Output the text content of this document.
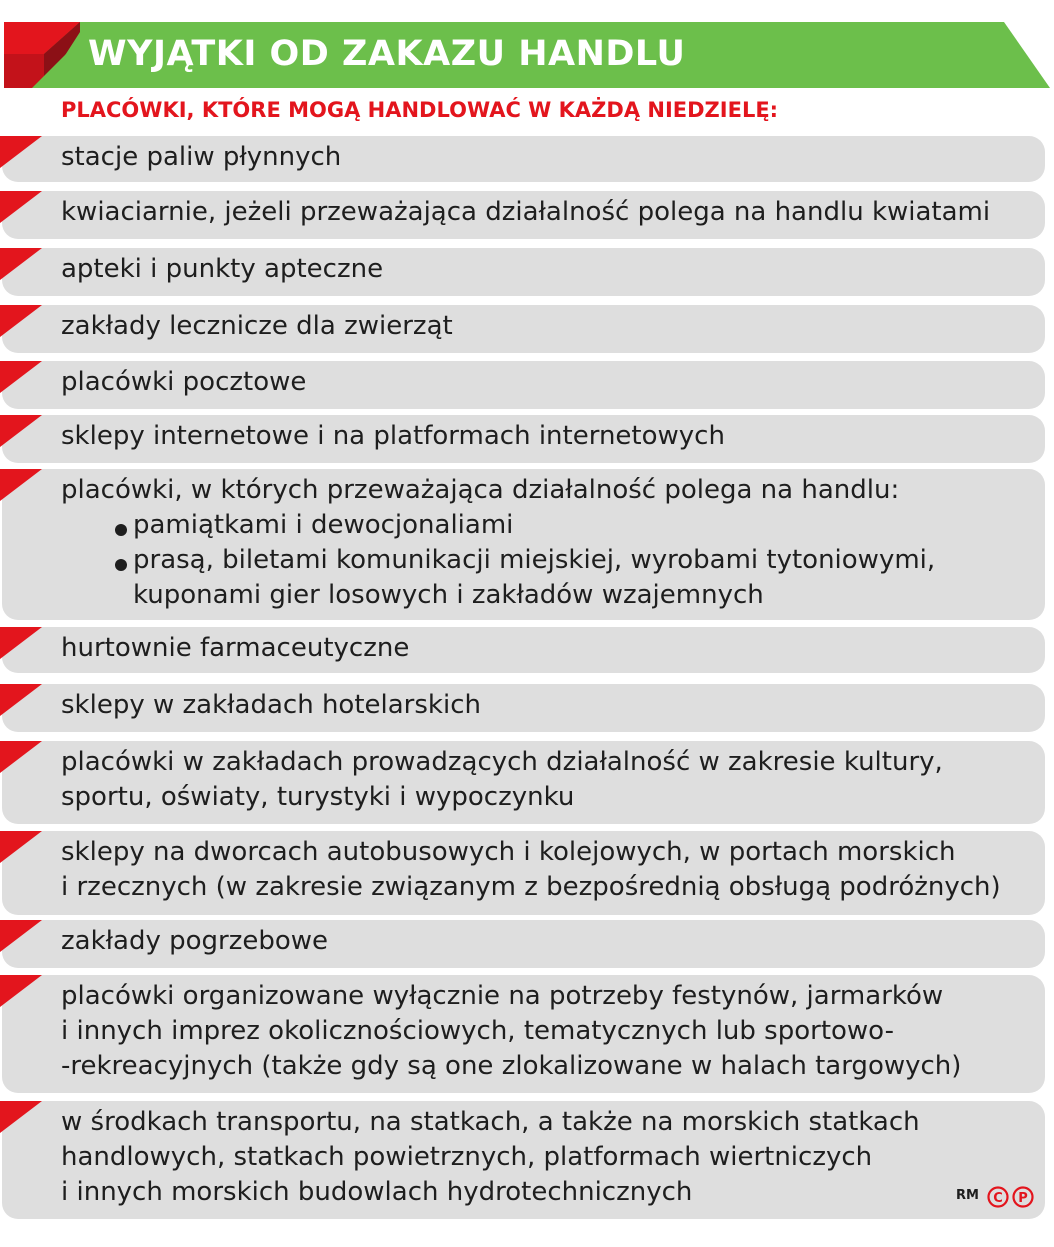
WYJĄTKI OD ZAKAZU HANDLU
PLACÓWKI, KTÓRE MOGĄ HANDLOWAĆ W KAŻDĄ NIEDZIELĘ:
stacje paliw płynnych
kwiaciarnie, jeżeli przeważająca działalność polega na handlu kwiatami
apteki i punkty apteczne
zakłady lecznicze dla zwierząt
placówki pocztowe
sklepy internetowe i na platformach internetowych
placówki, w których przeważająca działalność polega na handlu:
pamiątkami i dewocjonaliami
prasą, biletami komunikacji miejskiej, wyrobami tytoniowymi,
kuponami gier losowych i zakładów wzajemnych
hurtownie farmaceutyczne
sklepy w zakładach hotelarskich
placówki w zakładach prowadzących działalność w zakresie kultury,
sportu, oświaty, turystyki i wypoczynku
sklepy na dworcach autobusowych i kolejowych, w portach morskich
i rzecznych (w zakresie związanym z bezpośrednią obsługą podróżnych)
zakłady pogrzebowe
placówki organizowane wyłącznie na potrzeby festynów, jarmarków
i innych imprez okolicznościowych, tematycznych lub sportowo-
-rekreacyjnych (także gdy są one zlokalizowane w halach targowych)
w środkach transportu, na statkach, a także na morskich statkach
handlowych, statkach powietrznych, platformach wiertniczych
i innych morskich budowlach hydrotechnicznych	RM C P
